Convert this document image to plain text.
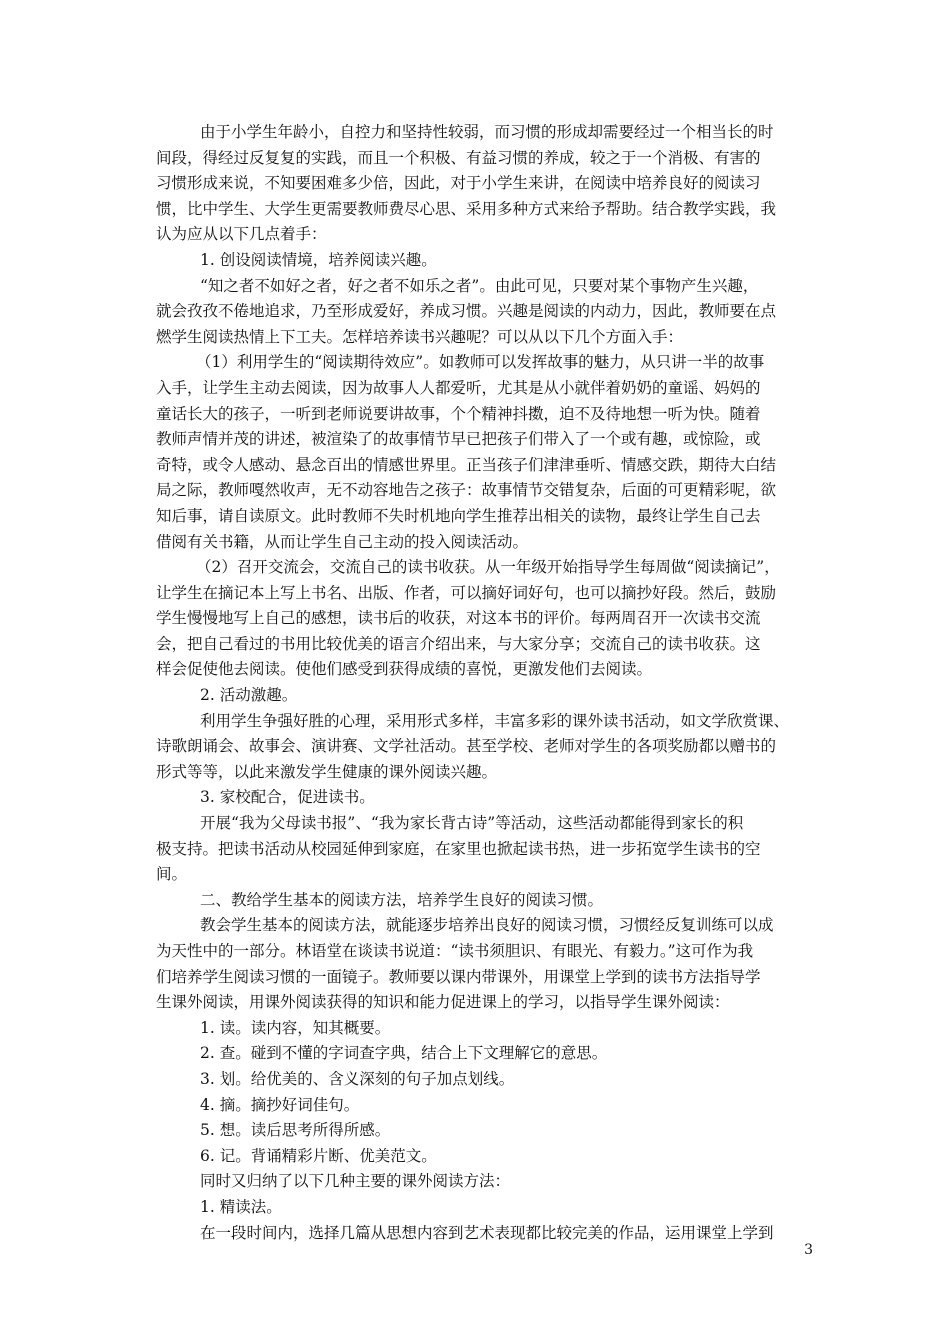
由于小学生年龄小，自控力和坚持性较弱，而习惯的形成却需要经过一个相当长的时
间段，得经过反复复的实践，而且一个积极、有益习惯的养成，较之于一个消极、有害的
习惯形成来说，不知要困难多少倍，因此，对于小学生来讲，在阅读中培养良好的阅读习
惯，比中学生、大学生更需要教师费尽心思、采用多种方式来给予帮助。结合教学实践，我
认为应从以下几点着手：
1. 创设阅读情境，培养阅读兴趣。
“知之者不如好之者，好之者不如乐之者”。由此可见，只要对某个事物产生兴趣，
就会孜孜不倦地追求，乃至形成爱好，养成习惯。兴趣是阅读的内动力，因此，教师要在点
燃学生阅读热情上下工夫。怎样培养读书兴趣呢？可以从以下几个方面入手：
（1）利用学生的“阅读期待效应”。如教师可以发挥故事的魅力，从只讲一半的故事
入手，让学生主动去阅读，因为故事人人都爱听，尤其是从小就伴着奶奶的童谣、妈妈的
童话长大的孩子，一听到老师说要讲故事，个个精神抖擞，迫不及待地想一听为快。随着
教师声情并茂的讲述，被渲染了的故事情节早已把孩子们带入了一个或有趣，或惊险，或
奇特，或令人感动、悬念百出的情感世界里。正当孩子们津津垂听、情感交跌，期待大白结
局之际，教师嘎然收声，无不动容地告之孩子：故事情节交错复杂，后面的可更精彩呢，欲
知后事，请自读原文。此时教师不失时机地向学生推荐出相关的读物，最终让学生自己去
借阅有关书籍，从而让学生自己主动的投入阅读活动。
（2）召开交流会，交流自己的读书收获。从一年级开始指导学生每周做“阅读摘记”，
让学生在摘记本上写上书名、出版、作者，可以摘好词好句，也可以摘抄好段。然后，鼓励
学生慢慢地写上自己的感想，读书后的收获，对这本书的评价。每两周召开一次读书交流
会，把自己看过的书用比较优美的语言介绍出来，与大家分享；交流自己的读书收获。这
样会促使他去阅读。使他们感受到获得成绩的喜悦，更激发他们去阅读。
2. 活动激趣。
利用学生争强好胜的心理，采用形式多样，丰富多彩的课外读书活动，如文学欣赏课、
诗歌朗诵会、故事会、演讲赛、文学社活动。甚至学校、老师对学生的各项奖励都以赠书的
形式等等，以此来激发学生健康的课外阅读兴趣。
3. 家校配合，促进读书。
开展“我为父母读书报”、“我为家长背古诗”等活动，这些活动都能得到家长的积
极支持。把读书活动从校园延伸到家庭，在家里也掀起读书热，进一步拓宽学生读书的空
间。
二、教给学生基本的阅读方法，培养学生良好的阅读习惯。
教会学生基本的阅读方法，就能逐步培养出良好的阅读习惯，习惯经反复训练可以成
为天性中的一部分。林语堂在谈读书说道：“读书须胆识、有眼光、有毅力。”这可作为我
们培养学生阅读习惯的一面镜子。教师要以课内带课外，用课堂上学到的读书方法指导学
生课外阅读，用课外阅读获得的知识和能力促进课上的学习，以指导学生课外阅读：
1. 读。读内容，知其概要。
2. 查。碰到不懂的字词查字典，结合上下文理解它的意思。
3. 划。给优美的、含义深刻的句子加点划线。
4. 摘。摘抄好词佳句。
5. 想。读后思考所得所感。
6. 记。背诵精彩片断、优美范文。
同时又归纳了以下几种主要的课外阅读方法：
1. 精读法。
在一段时间内，选择几篇从思想内容到艺术表现都比较完美的作品，运用课堂上学到
3
